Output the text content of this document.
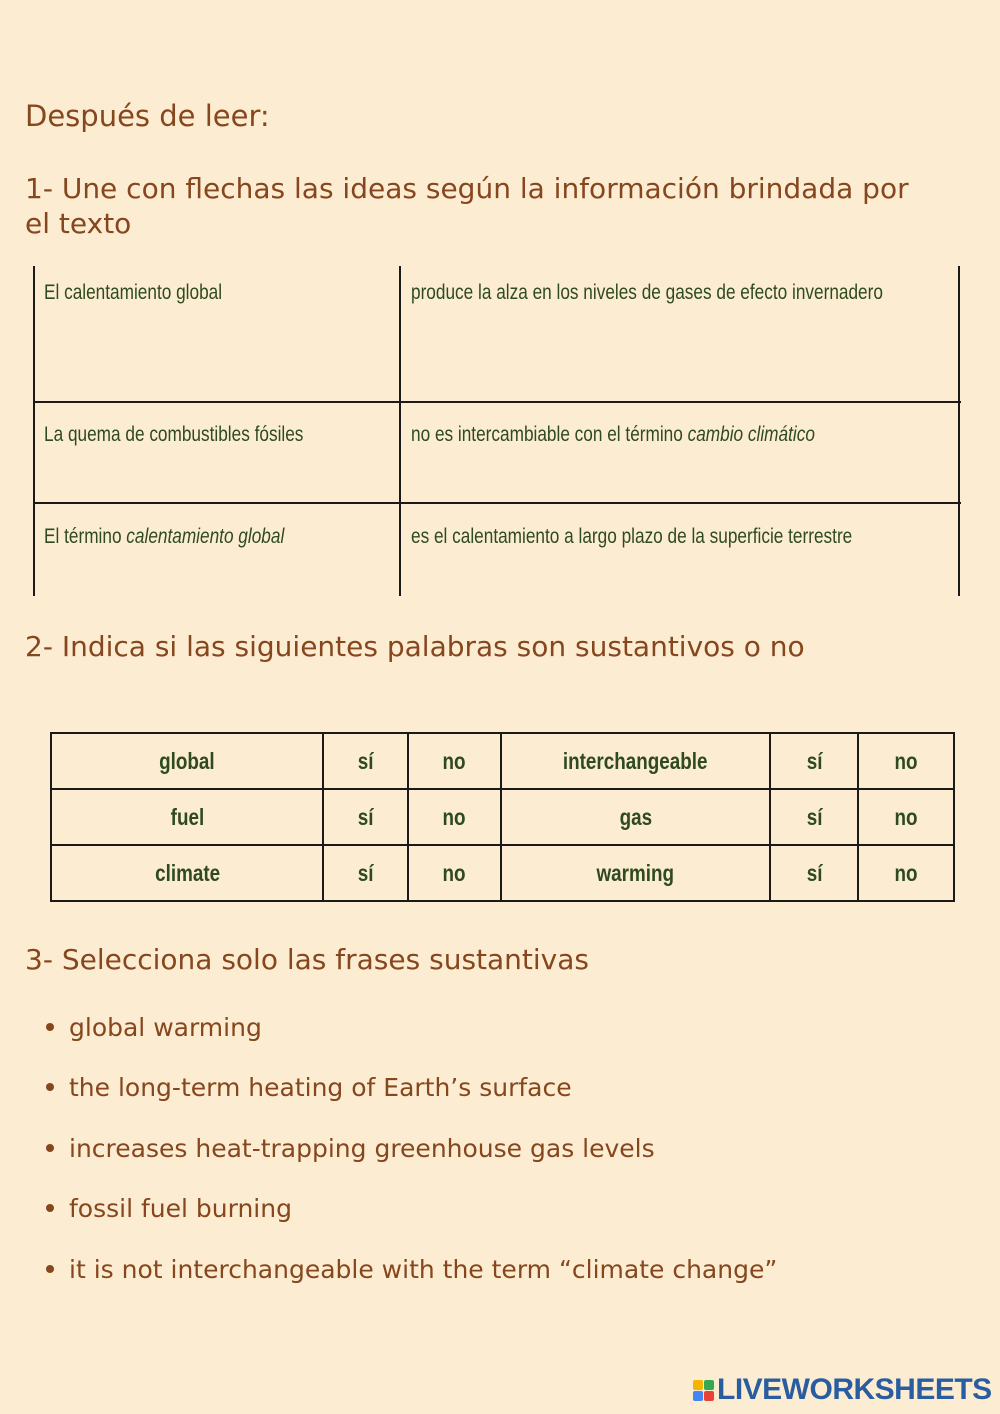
Después de leer:
1- Une con flechas las ideas según la información brindada por
el texto
El calentamiento global	produce la alza en los niveles de gases de efecto invernadero
La quema de combustibles fósiles	no es intercambiable con el término cambio climático
El término calentamiento global	es el calentamiento a largo plazo de la superficie terrestre
2- Indica si las siguientes palabras son sustantivos o no
global	sí	no	interchangeable	sí	no
fuel	sí	no	gas	sí	no
climate	sí	no	warming	sí	no
3- Selecciona solo las frases sustantivas
global warming
the long-term heating of Earth’s surface
increases heat-trapping greenhouse gas levels
fossil fuel burning
it is not interchangeable with the term “climate change”
LIVEWORKSHEETS
